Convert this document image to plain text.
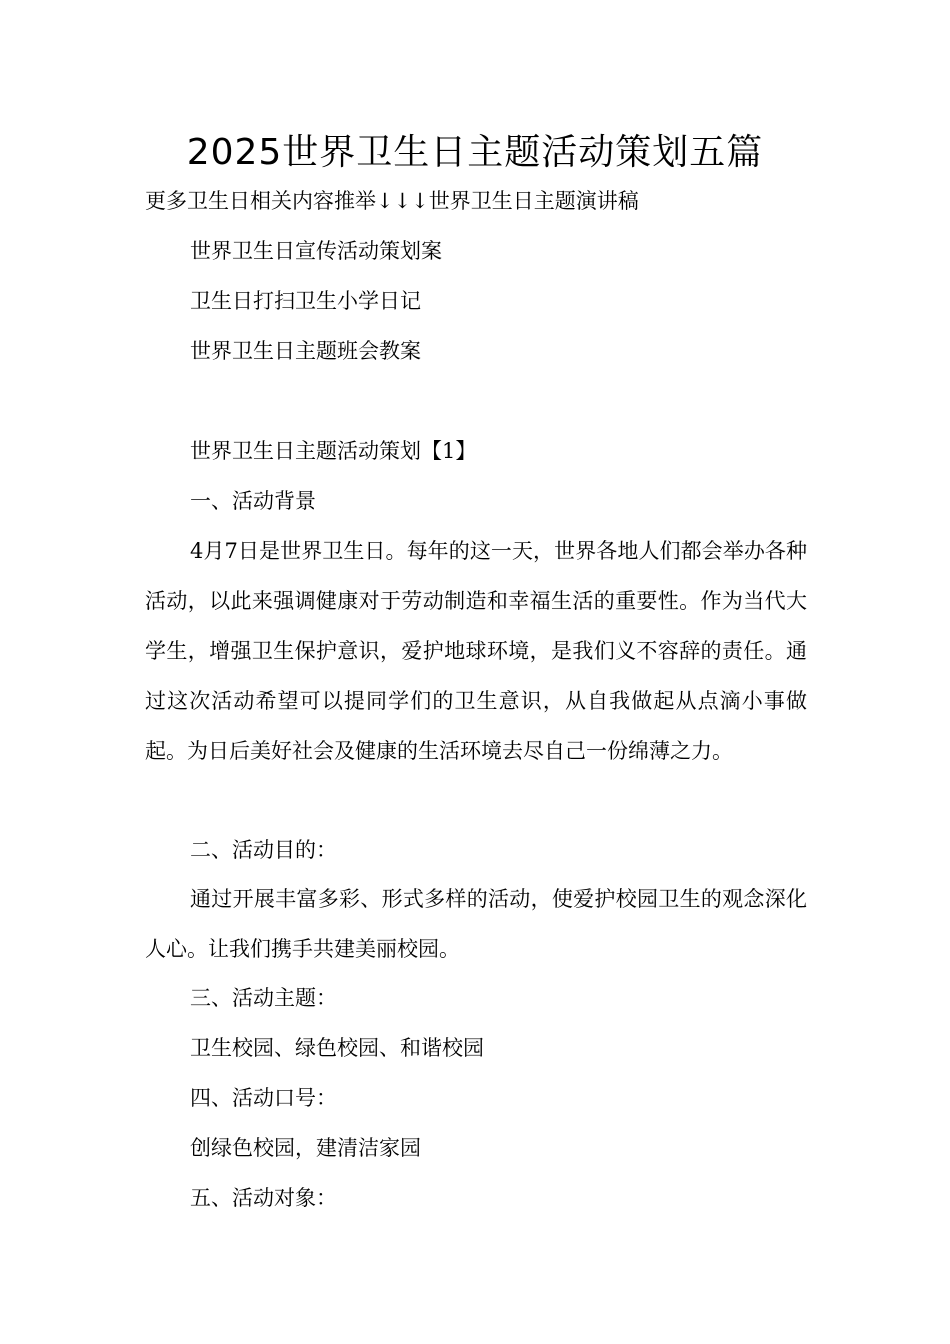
2025世界卫生日主题活动策划五篇

更多卫生日相关内容推举↓↓↓世界卫生日主题演讲稿

世界卫生日宣传活动策划案

卫生日打扫卫生小学日记

世界卫生日主题班会教案

世界卫生日主题活动策划【1】

一、活动背景

4月7日是世界卫生日。每年的这一天，世界各地人们都会举办各种活动，以此来强调健康对于劳动制造和幸福生活的重要性。作为当代大学生，增强卫生保护意识，爱护地球环境，是我们义不容辞的责任。通过这次活动希望可以提同学们的卫生意识，从自我做起从点滴小事做起。为日后美好社会及健康的生活环境去尽自己一份绵薄之力。

二、活动目的：

通过开展丰富多彩、形式多样的活动，使爱护校园卫生的观念深化人心。让我们携手共建美丽校园。

三、活动主题：

卫生校园、绿色校园、和谐校园

四、活动口号：

创绿色校园，建清洁家园

五、活动对象：
